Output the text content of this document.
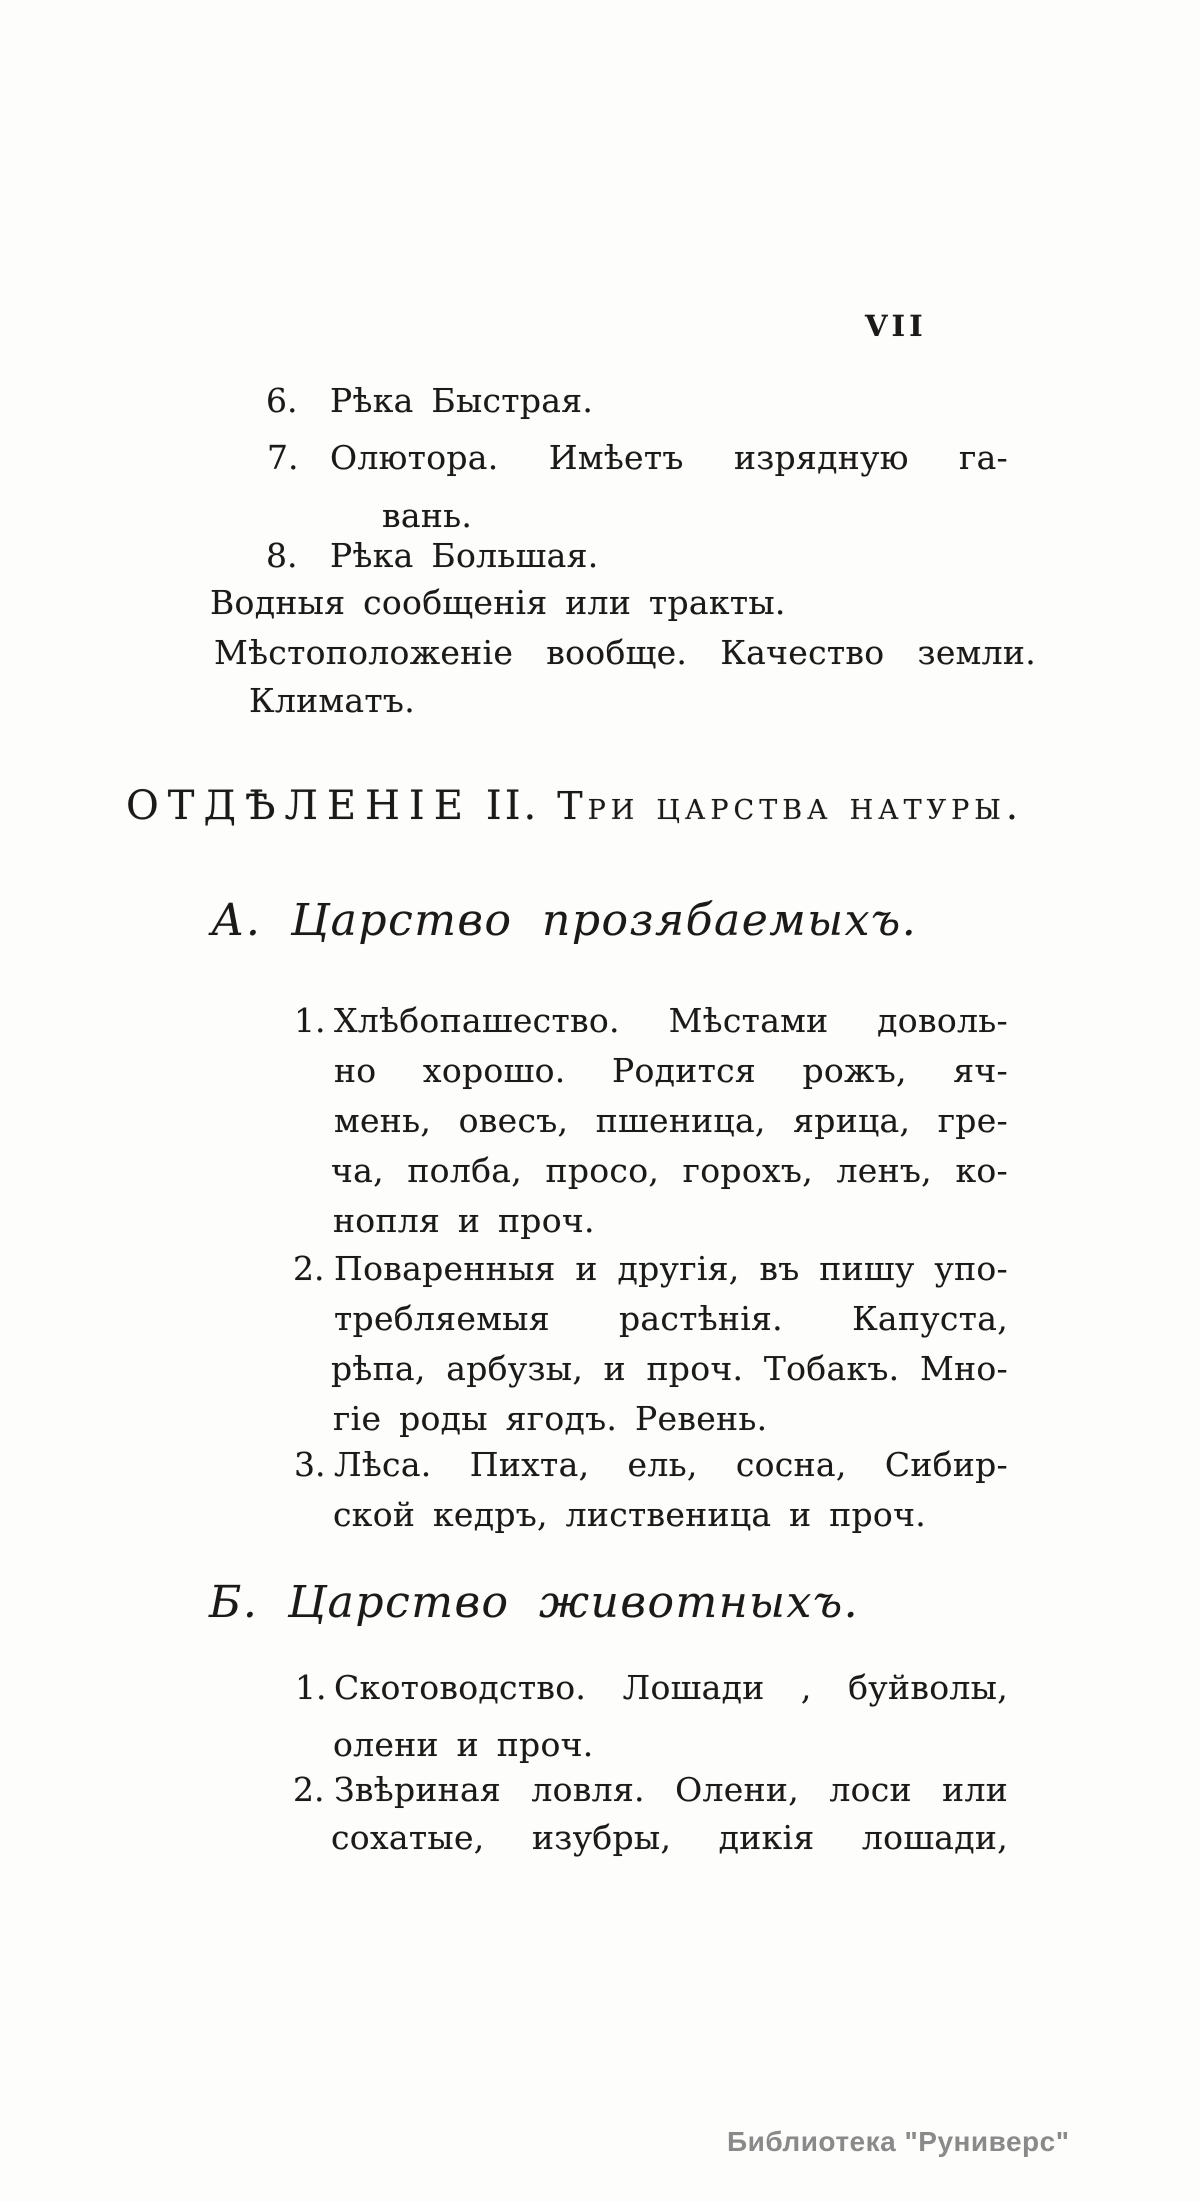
VII
6. Рѣка Быстрая.
7. Олютора. Имѣетъ изрядную га-
вань.
8. Рѣка Большая.
Водныя сообщенія или тракты.
Мѣстоположеніе вообще. Качество земли.
Климатъ.
ОТДѢЛЕНІЕ II. Три царства натуры.
А. Царство прозябаемыхъ.
1. Хлѣбопашество. Мѣстами доволь-
но хорошо. Родится рожъ, яч-
мень, овесъ, пшеница, ярица, гре-
ча, полба, просо, горохъ, ленъ, ко-
нопля и проч.
2. Поваренныя и другія, въ пишу упо-
требляемыя растѣнія. Капуста,
рѣпа, арбузы, и проч. Тобакъ. Мно-
гіе роды ягодъ. Ревень.
3. Лѣса. Пихта, ель, сосна, Сибир-
ской кедръ, лиственица и проч.
Б. Царство животныхъ.
1. Скотоводство. Лошади , буйволы,
олени и проч.
2. Звѣриная ловля. Олени, лоси или
сохатые, изубры, дикія лошади,
Библиотека "Руниверс"
